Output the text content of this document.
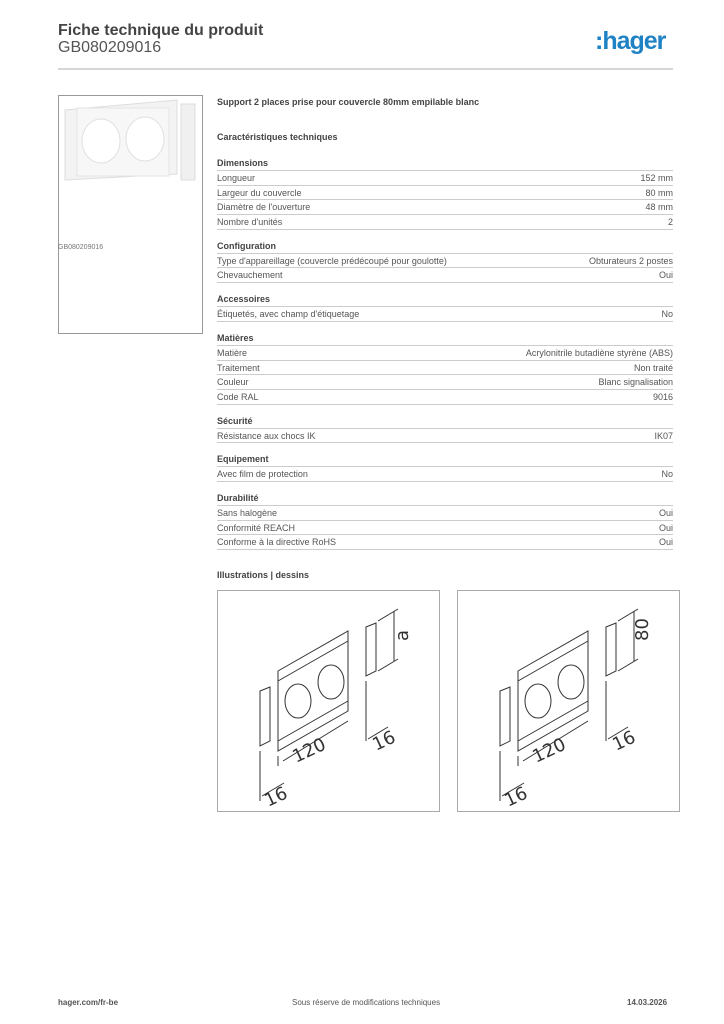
Fiche technique du produit
GB080209016	:hager
GB080209016
Support 2 places prise pour couvercle 80mm empilable blanc
Caractéristiques techniques
Dimensions
Longueur	152 mm
Largeur du couvercle	80 mm
Diamètre de l'ouverture	48 mm
Nombre d'unités	2
Configuration
Type d'appareillage (couvercle prédécoupé pour goulotte)	Obturateurs 2 postes
Chevauchement	Oui
Accessoires
Étiquetés, avec champ d'étiquetage	No
Matières
Matière	Acrylonitrile butadiène styrène (ABS)
Traitement	Non traité
Couleur	Blanc signalisation
Code RAL	9016
Sécurité
Résistance aux chocs IK	IK07
Equipement
Avec film de protection	No
Durabilité
Sans halogène	Oui
Conformité REACH	Oui
Conforme à la directive RoHS	Oui
Illustrations | dessins
a
120 16
16
80
120 16
16
hager.com/fr-be	Sous réserve de modifications techniques	14.03.2026
